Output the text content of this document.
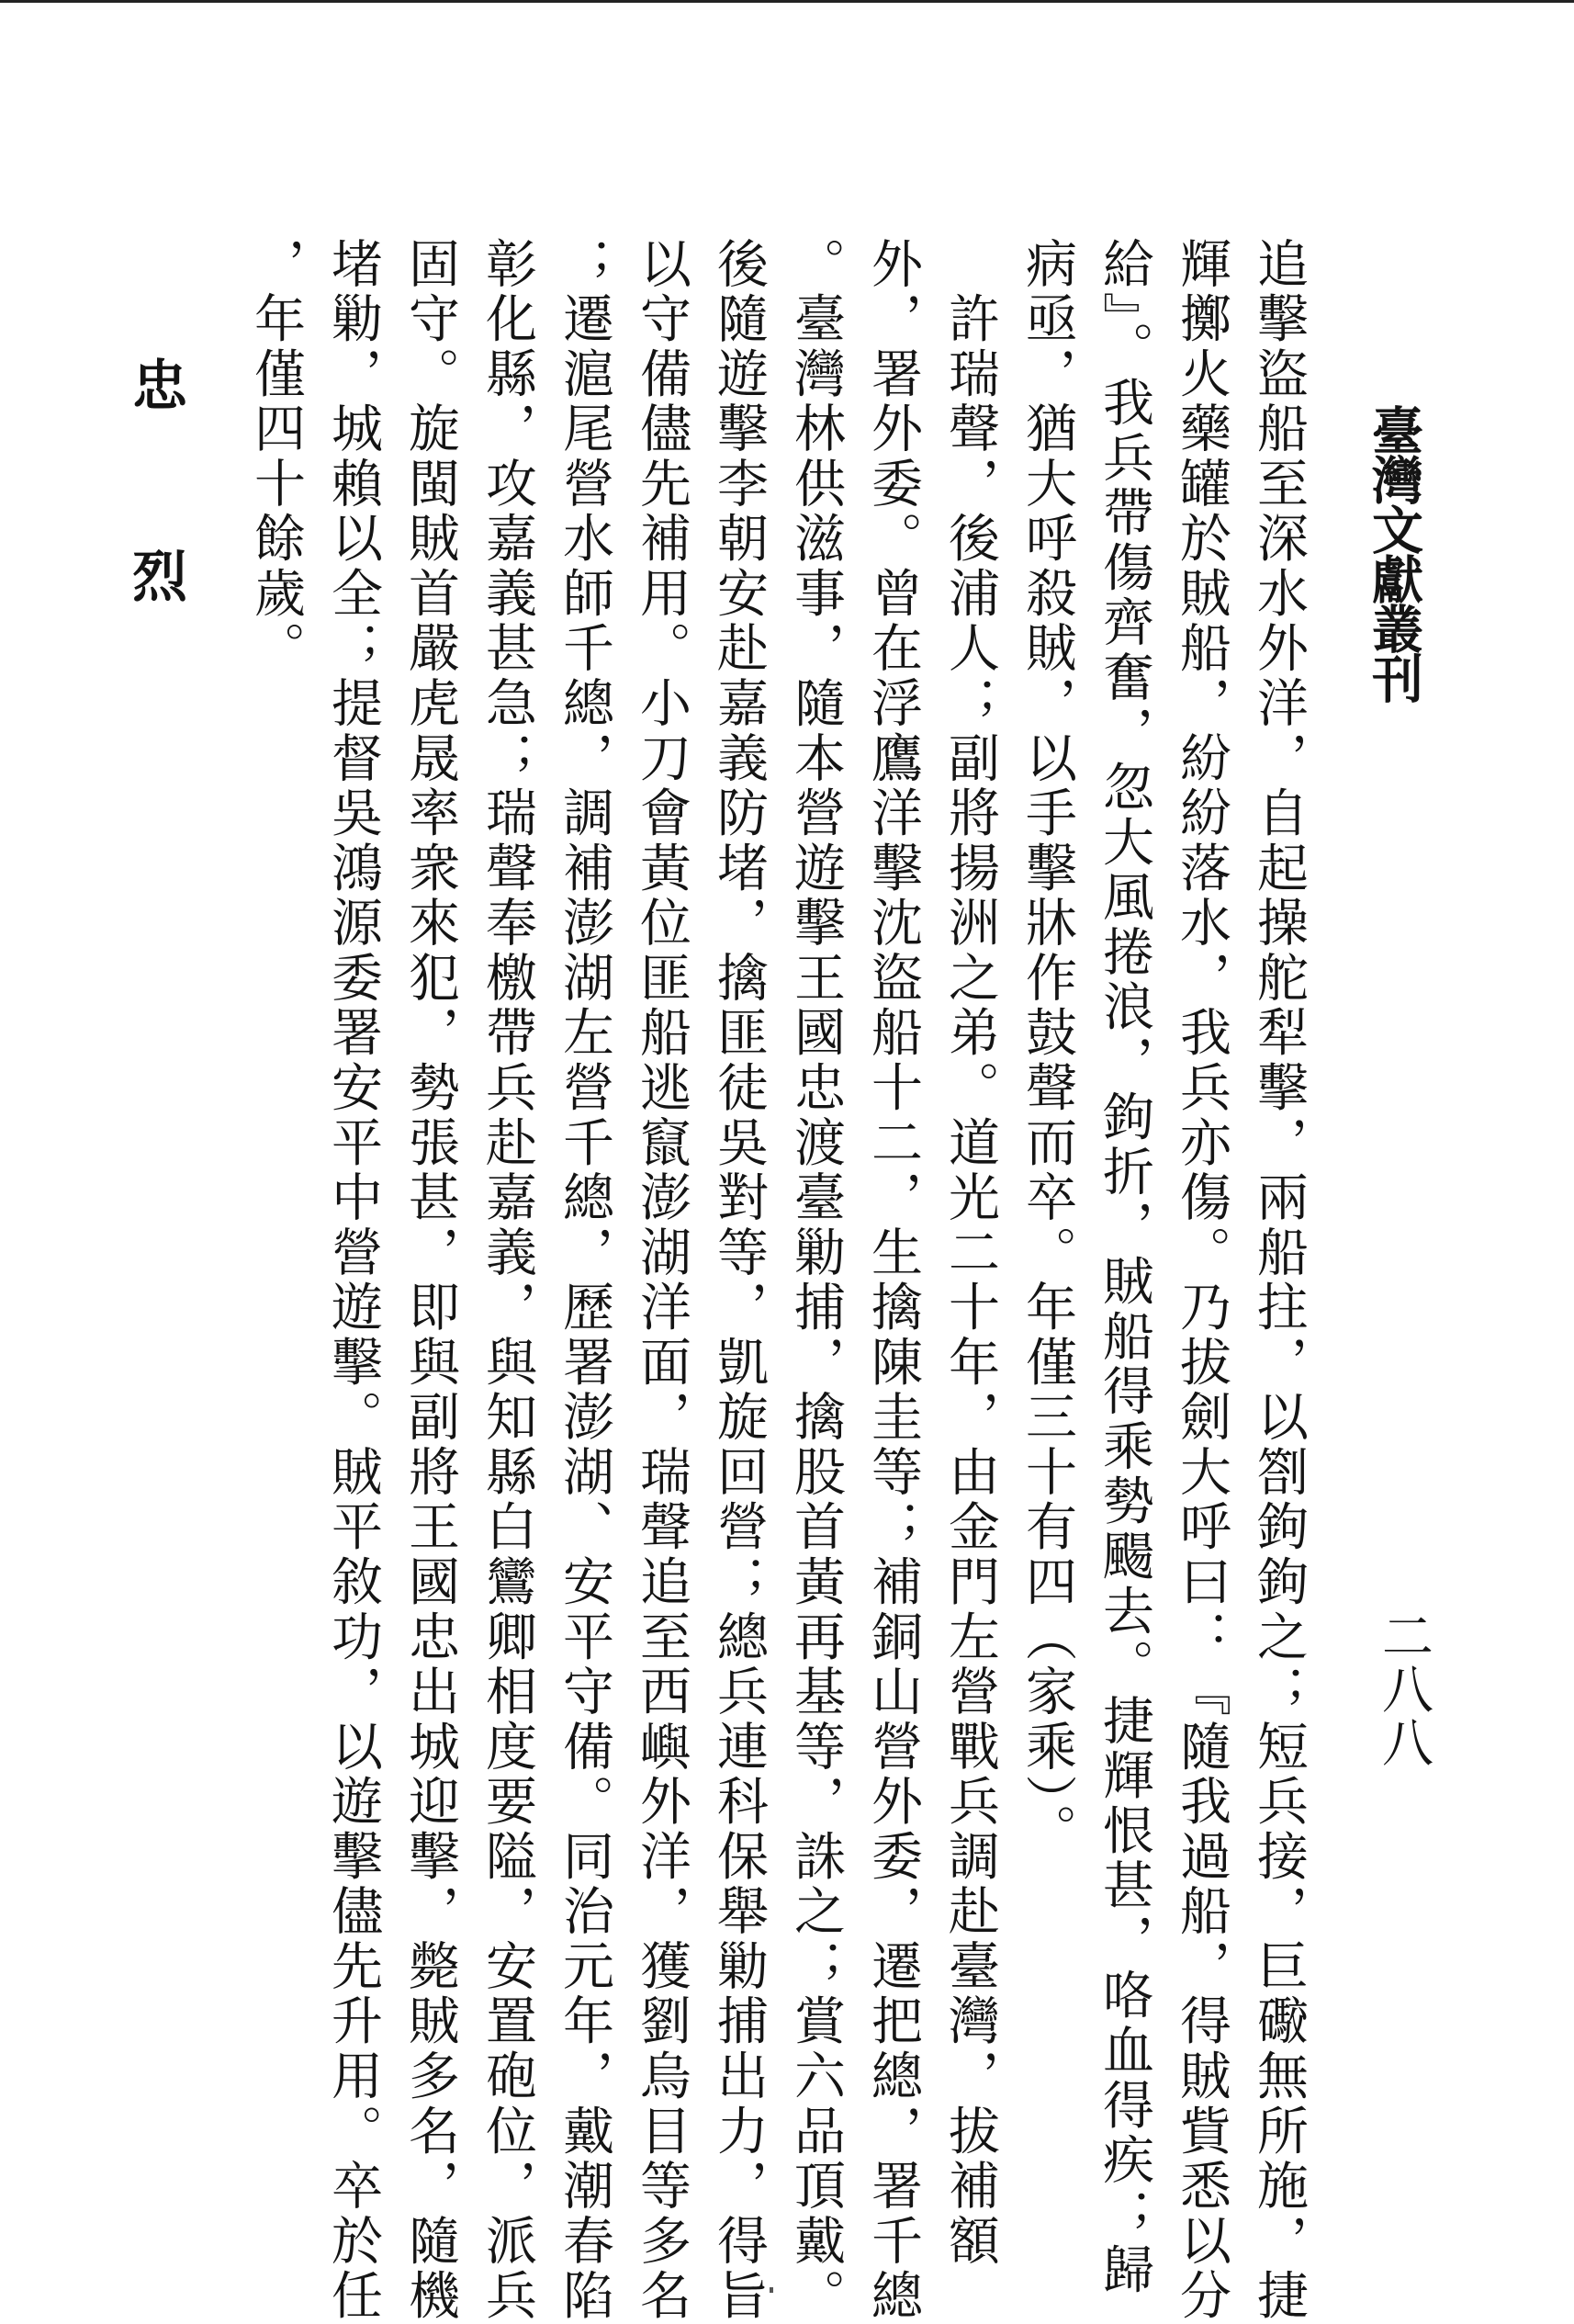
臺灣文獻叢刊
二八八
追擊盜船至深水外洋，自起操舵犁擊，兩船拄，以劄鉤鉤之；短兵接，巨礮無所施，捷
輝擲火藥罐於賊船，紛紛落水，我兵亦傷。乃拔劍大呼曰：『隨我過船，得賊貲悉以分
給』。我兵帶傷齊奮，忽大風捲浪，鉤折，賊船得乘勢颺去。捷輝恨甚，咯血得疾；歸
病亟，猶大呼殺賊，以手擊牀作鼓聲而卒。年僅三十有四（家乘）。
　許瑞聲，後浦人；副將揚洲之弟。道光二十年，由金門左營戰兵調赴臺灣，拔補額
外，署外委。曾在浮鷹洋擊沈盜船十二，生擒陳圭等；補銅山營外委，遷把總，署千總
。臺灣林供滋事，隨本營遊擊王國忠渡臺勦捕，擒股首黃再基等，誅之；賞六品頂戴。
後隨遊擊李朝安赴嘉義防堵，擒匪徒吳對等，凱旋回營；總兵連科保舉勦捕出力，得旨
以守備儘先補用。小刀會黃位匪船逃竄澎湖洋面，瑞聲追至西嶼外洋，獲劉烏目等多名
；遷滬尾營水師千總，調補澎湖左營千總，歷署澎湖、安平守備。同治元年，戴潮春陷
彰化縣，攻嘉義甚急；瑞聲奉檄帶兵赴嘉義，與知縣白鸞卿相度要隘，安置砲位，派兵
固守。旋閩賊首嚴虎晟率衆來犯，勢張甚，即與副將王國忠出城迎擊，斃賊多名，隨機
堵勦，城賴以全；提督吳鴻源委署安平中營遊擊。賊平敘功，以遊擊儘先升用。卒於任
，年僅四十餘歲。
忠　烈
